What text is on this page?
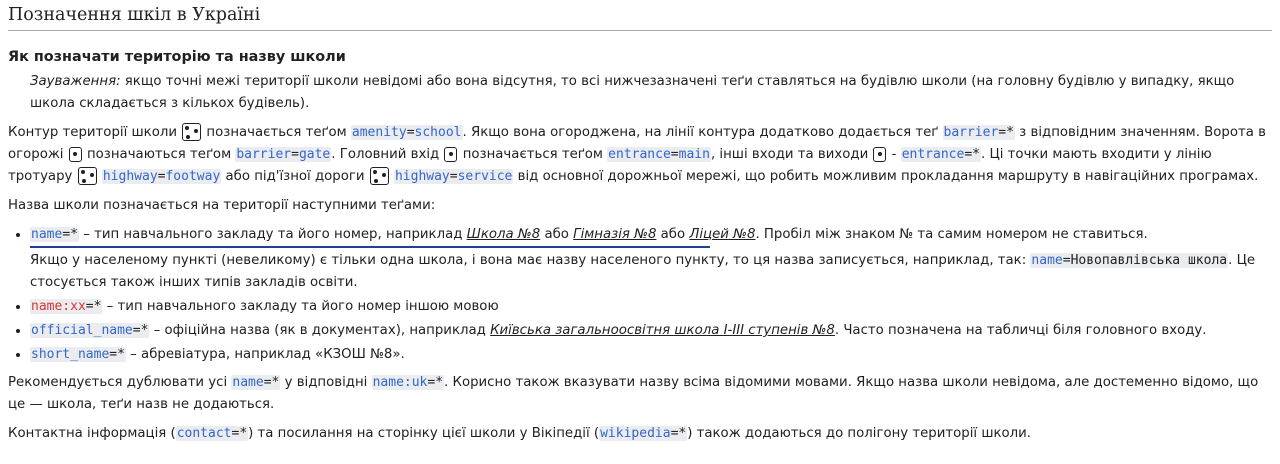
Позначення шкіл в Україні
Як позначати територію та назву школи

Зауваження: якщо точні межі території школи невідомі або вона відсутня, то всі нижчезазначені теґи ставляться на будівлю школи (на головну будівлю у випадку, якщо школа складається з кількох будівель).

Контур території школи
позначається теґом amenity=school. Якщо вона огороджена, на лінії контура додатково додається теґ barrier=* з відповідним значенням. Ворота в огорожі
позначаються теґом barrier=gate. Головний вхід
позначається теґом entrance=main, інші входи та виходи
- entrance=*. Ці точки мають входити у лінію тротуару
highway=footway або під'їзної дороги
highway=service від основної дорожньої мережі, що робить можливим прокладання маршруту в навігаційних програмах.

Назва школи позначається на території наступними теґами:

• name=* – тип навчального закладу та його номер, наприклад Школа №8 або Гімназія №8 або Ліцей №8. Пробіл між знаком № та самим номером не ставиться.
Якщо у населеному пункті (невеликому) є тільки одна школа, і вона має назву населеного пункту, то ця назва записується, наприклад, так: name=Новопавлівська школа. Це стосується також інших типів закладів освіти.
• name:xx=* – тип навчального закладу та його номер іншою мовою
• official_name=* – офіційна назва (як в документах), наприклад Київська загальноосвітня школа І-ІІІ ступенів №8. Часто позначена на табличці біля головного входу.
• short_name=* – абревіатура, наприклад «КЗОШ №8».

Рекомендується дублювати усі name=* у відповідні name:uk=*. Корисно також вказувати назву всіма відомими мовами. Якщо назва школи невідома, але достеменно відомо, що це — школа, теґи назв не додаються.

Контактна інформація (contact=*) та посилання на сторінку цієї школи у Вікіпедії (wikipedia=*) також додаються до полігону території школи.
